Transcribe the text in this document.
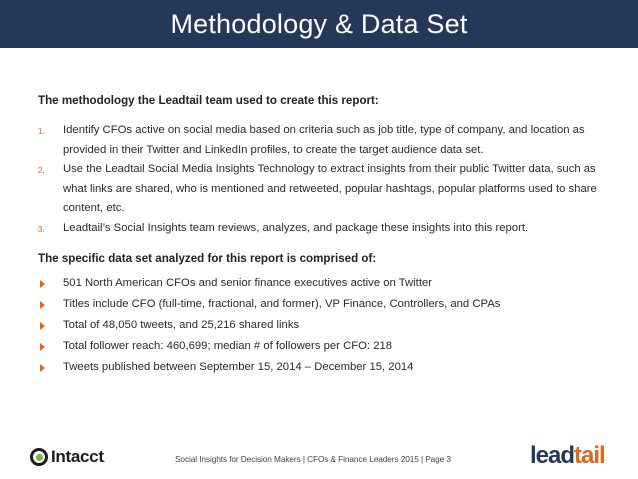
Methodology & Data Set

The methodology the Leadtail team used to create this report:

1. Identify CFOs active on social media based on criteria such as job title, type of company, and location as provided in their Twitter and LinkedIn profiles, to create the target audience data set.
2. Use the Leadtail Social Media Insights Technology to extract insights from their public Twitter data, such as what links are shared, who is mentioned and retweeted, popular hashtags, popular platforms used to share content, etc.
3. Leadtail’s Social Insights team reviews, analyzes, and package these insights into this report.

The specific data set analyzed for this report is comprised of:

501 North American CFOs and senior finance executives active on Twitter
Titles include CFO (full-time, fractional, and former), VP Finance, Controllers, and CPAs
Total of 48,050 tweets, and 25,216 shared links
Total follower reach: 460,699; median # of followers per CFO: 218
Tweets published between September 15, 2014 – December 15, 2014
Intacct .	Social Insights for Decision Makers | CFOs & Finance Leaders 2015 | Page 3	lead tail
